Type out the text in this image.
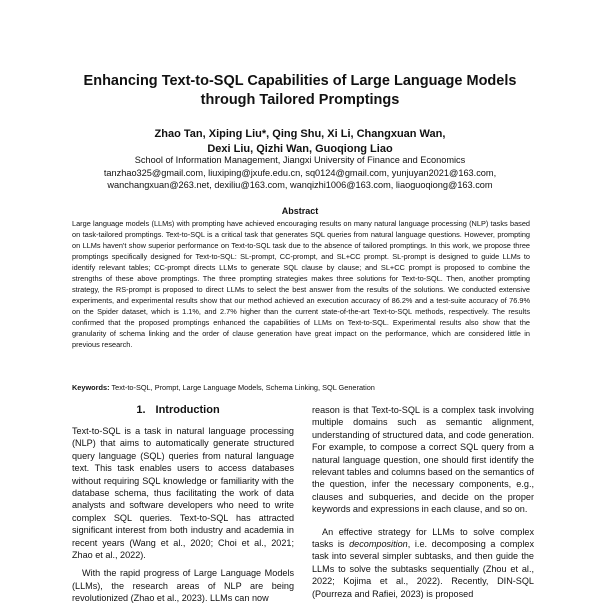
Enhancing Text-to-SQL Capabilities of Large Language Models
through Tailored Promptings
Zhao Tan, Xiping Liu*, Qing Shu, Xi Li, Changxuan Wan,
Dexi Liu, Qizhi Wan, Guoqiong Liao
School of Information Management, Jiangxi University of Finance and Economics
tanzhao325@gmail.com, liuxiping@jxufe.edu.cn, sq0124@gmail.com, yunjuyan2021@163.com,
wanchangxuan@263.net, dexiliu@163.com, wanqizhi1006@163.com, liaoguoqiong@163.com
Abstract
Large language models (LLMs) with prompting have achieved encouraging results on many natural language processing (NLP) tasks based on task-tailored promptings. Text-to-SQL is a critical task that generates SQL queries from natural language questions. However, prompting on LLMs haven't show superior performance on Text-to-SQL task due to the absence of tailored promptings. In this work, we propose three promptings specifically designed for Text-to-SQL: SL-prompt, CC-prompt, and SL+CC prompt. SL-prompt is designed to guide LLMs to identify relevant tables; CC-prompt directs LLMs to generate SQL clause by clause; and SL+CC prompt is proposed to combine the strengths of these above promptings. The three prompting strategies makes three solutions for Text-to-SQL. Then, another prompting strategy, the RS-prompt is proposed to direct LLMs to select the best answer from the results of the solutions. We conducted extensive experiments, and experimental results show that our method achieved an execution accuracy of 86.2% and a test-suite accuracy of 76.9% on the Spider dataset, which is 1.1%, and 2.7% higher than the current state-of-the-art Text-to-SQL methods, respectively. The results confirmed that the proposed promptings enhanced the capabilities of LLMs on Text-to-SQL. Experimental results also show that the granularity of schema linking and the order of clause generation have great impact on the performance, which are considered little in previous research.
Keywords: Text-to-SQL, Prompt, Large Language Models, Schema Linking, SQL Generation
1. Introduction

Text-to-SQL is a task in natural language processing (NLP) that aims to automatically generate structured query language (SQL) queries from natural language text. This task enables users to access databases without requiring SQL knowledge or familiarity with the database schema, thus facilitating the work of data analysts and software developers who need to write complex SQL queries. Text-to-SQL has attracted significant interest from both industry and academia in recent years (Wang et al., 2020; Choi et al., 2021; Zhao et al., 2022).

With the rapid progress of Large Language Models (LLMs), the research areas of NLP are being revolutionized (Zhao et al., 2023). LLMs can now

reason is that Text-to-SQL is a complex task involving multiple domains such as semantic alignment, understanding of structured data, and code generation. For example, to compose a correct SQL query from a natural language question, one should first identify the relevant tables and columns based on the semantics of the question, infer the necessary components, e.g., clauses and subqueries, and decide on the proper keywords and expressions in each clause, and so on.

An effective strategy for LLMs to solve complex tasks is decomposition, i.e. decomposing a complex task into several simpler subtasks, and then guide the LLMs to solve the subtasks sequentially (Zhou et al., 2022; Kojima et al., 2022). Recently, DIN-SQL (Pourreza and Rafiei, 2023) is proposed
